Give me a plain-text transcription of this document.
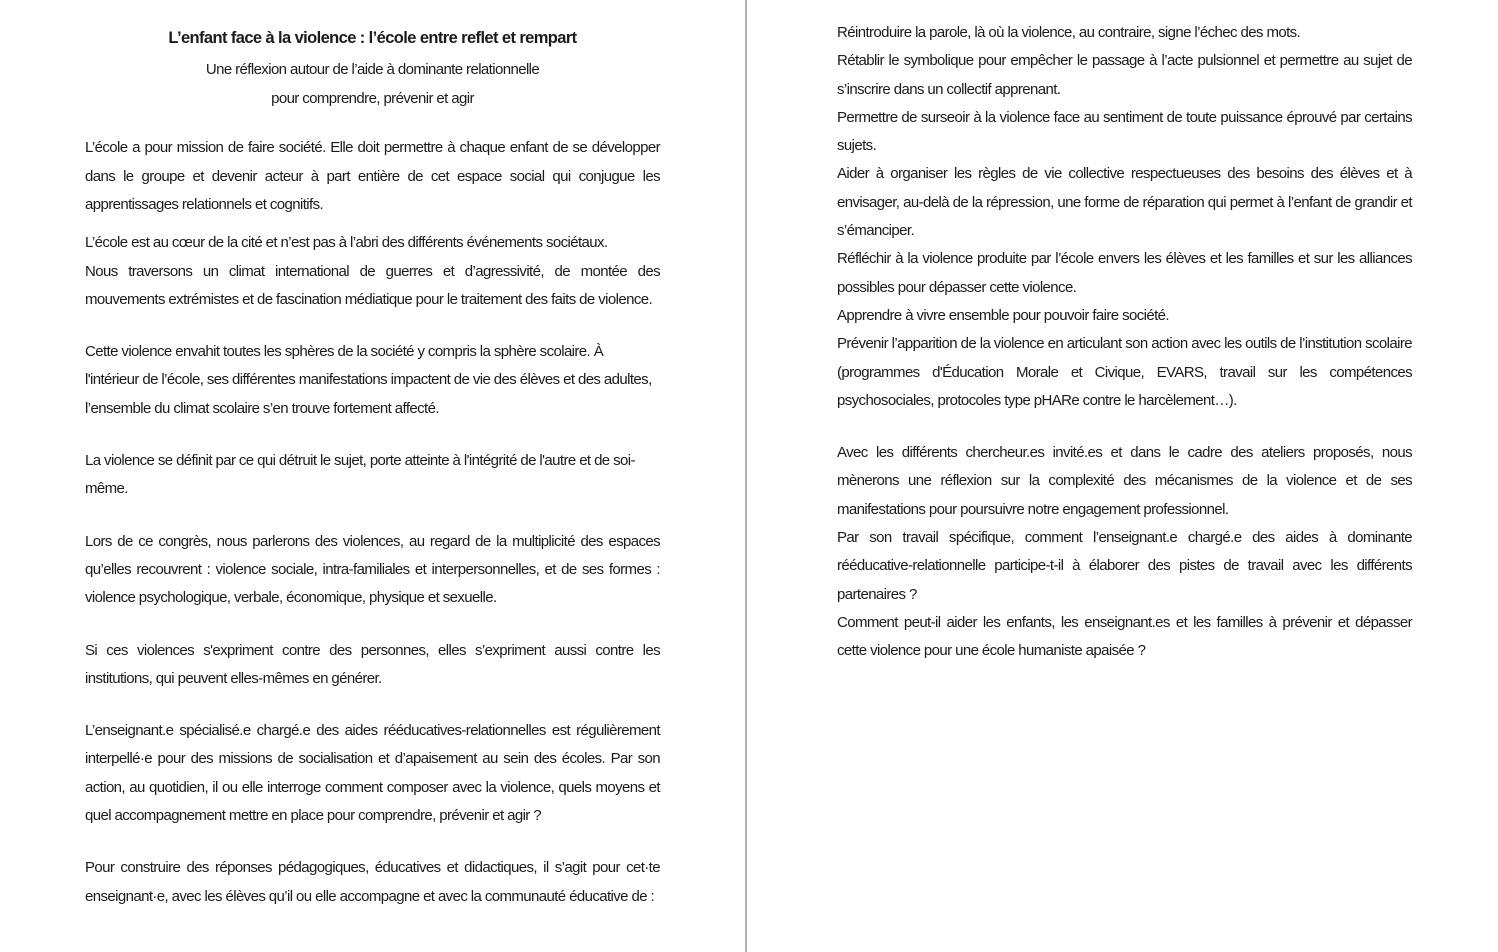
L’enfant face à la violence : l’école entre reflet et rempart

Une réflexion autour de l’aide à dominante relationnelle

pour comprendre, prévenir et agir

L’école a pour mission de faire société. Elle doit permettre à chaque enfant de se développer dans le groupe et devenir acteur à part entière de cet espace social qui conjugue les apprentissages relationnels et cognitifs.

L’école est au cœur de la cité et n’est pas à l’abri des différents événements sociétaux.

Nous traversons un climat international de guerres et d’agressivité, de montée des mouvements extrémistes et de fascination médiatique pour le traitement des faits de violence.

Cette violence envahit toutes les sphères de la société y compris la sphère scolaire. À l'intérieur de l’école, ses différentes manifestations impactent de vie des élèves et des adultes, l’ensemble du climat scolaire s’en trouve fortement affecté.

La violence se définit par ce qui détruit le sujet, porte atteinte à l'intégrité de l'autre et de soi-même.

Lors de ce congrès, nous parlerons des violences, au regard de la multiplicité des espaces qu’elles recouvrent : violence sociale, intra-familiales et interpersonnelles, et de ses formes : violence psychologique, verbale, économique, physique et sexuelle.

Si ces violences s'expriment contre des personnes, elles s’expriment aussi contre les institutions, qui peuvent elles-mêmes en générer.

L’enseignant.e spécialisé.e chargé.e des aides rééducatives-relationnelles est régulièrement interpellé·e pour des missions de socialisation et d’apaisement au sein des écoles. Par son action, au quotidien, il ou elle interroge comment composer avec la violence, quels moyens et quel accompagnement mettre en place pour comprendre, prévenir et agir ?

Pour construire des réponses pédagogiques, éducatives et didactiques, il s’agit pour cet·te enseignant·e, avec les élèves qu’il ou elle accompagne et avec la communauté éducative de :

Réintroduire la parole, là où la violence, au contraire, signe l’échec des mots.

Rétablir le symbolique pour empêcher le passage à l’acte pulsionnel et permettre au sujet de s’inscrire dans un collectif apprenant.

Permettre de surseoir à la violence face au sentiment de toute puissance éprouvé par certains sujets.

Aider à organiser les règles de vie collective respectueuses des besoins des élèves et à envisager, au-delà de la répression, une forme de réparation qui permet à l’enfant de grandir et s’émanciper.

Réfléchir à la violence produite par l’école envers les élèves et les familles et sur les alliances possibles pour dépasser cette violence.

Apprendre à vivre ensemble pour pouvoir faire société.

Prévenir l’apparition de la violence en articulant son action avec les outils de l’institution scolaire (programmes d'Éducation Morale et Civique, EVARS, travail sur les compétences psychosociales, protocoles type pHARe contre le harcèlement…).

Avec les différents chercheur.es invité.es et dans le cadre des ateliers proposés, nous mènerons une réflexion sur la complexité des mécanismes de la violence et de ses manifestations pour poursuivre notre engagement professionnel.

Par son travail spécifique, comment l’enseignant.e chargé.e des aides à dominante rééducative-relationnelle participe-t-il à élaborer des pistes de travail avec les différents partenaires ?

Comment peut-il aider les enfants, les enseignant.es et les familles à prévenir et dépasser cette violence pour une école humaniste apaisée ?
